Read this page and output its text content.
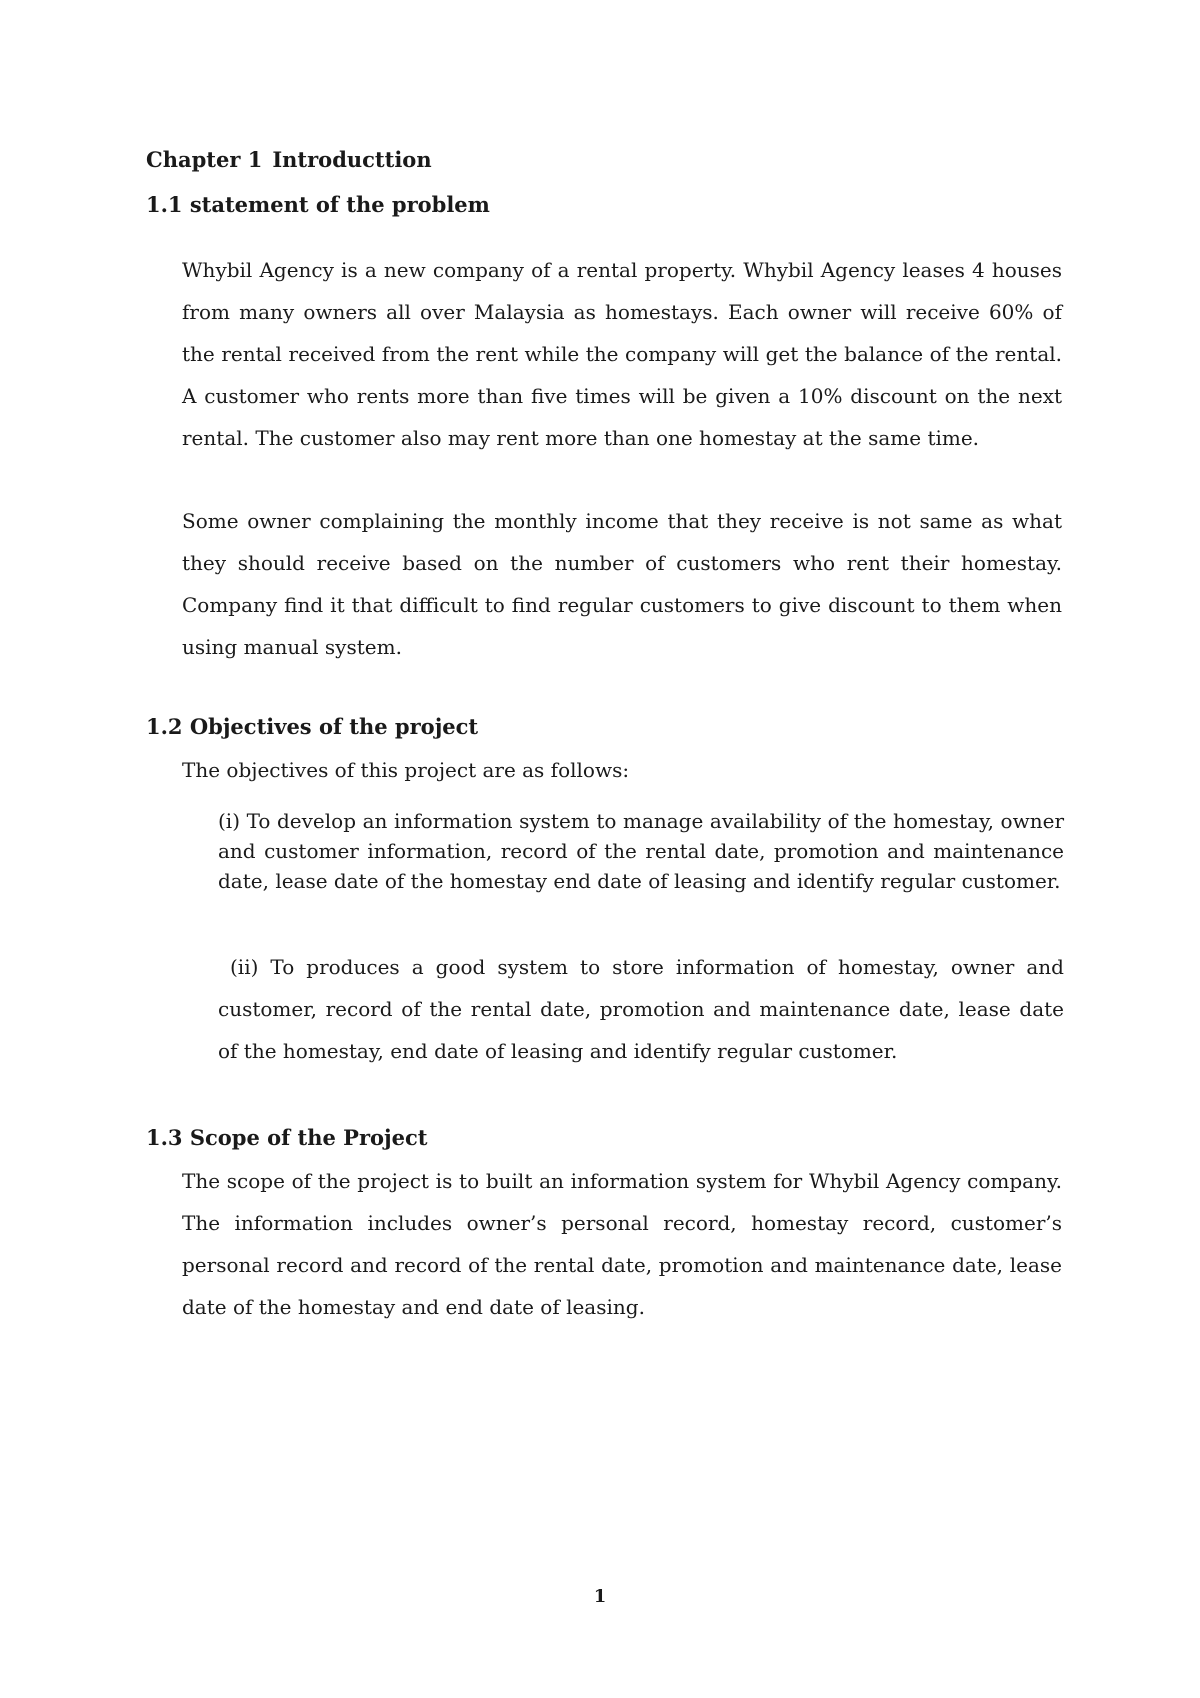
Chapter 1 Introducttion
1.1 statement of the problem

Whybil Agency is a new company of a rental property. Whybil Agency leases 4 houses from many owners all over Malaysia as homestays. Each owner will receive 60% of the rental received from the rent while the company will get the balance of the rental. A customer who rents more than five times will be given a 10% discount on the next rental. The customer also may rent more than one homestay at the same time.

Some owner complaining the monthly income that they receive is not same as what they should receive based on the number of customers who rent their homestay. Company find it that difficult to find regular customers to give discount to them when using manual system.

1.2 Objectives of the project

The objectives of this project are as follows:

(i) To develop an information system to manage availability of the homestay, owner and customer information, record of the rental date, promotion and maintenance date, lease date of the homestay end date of leasing and identify regular customer.

(ii) To produces a good system to store information of homestay, owner and customer, record of the rental date, promotion and maintenance date, lease date of the homestay, end date of leasing and identify regular customer.

1.3 Scope of the Project

The scope of the project is to built an information system for Whybil Agency company. The information includes owner’s personal record, homestay record, customer’s personal record and record of the rental date, promotion and maintenance date, lease date of the homestay and end date of leasing.

1
